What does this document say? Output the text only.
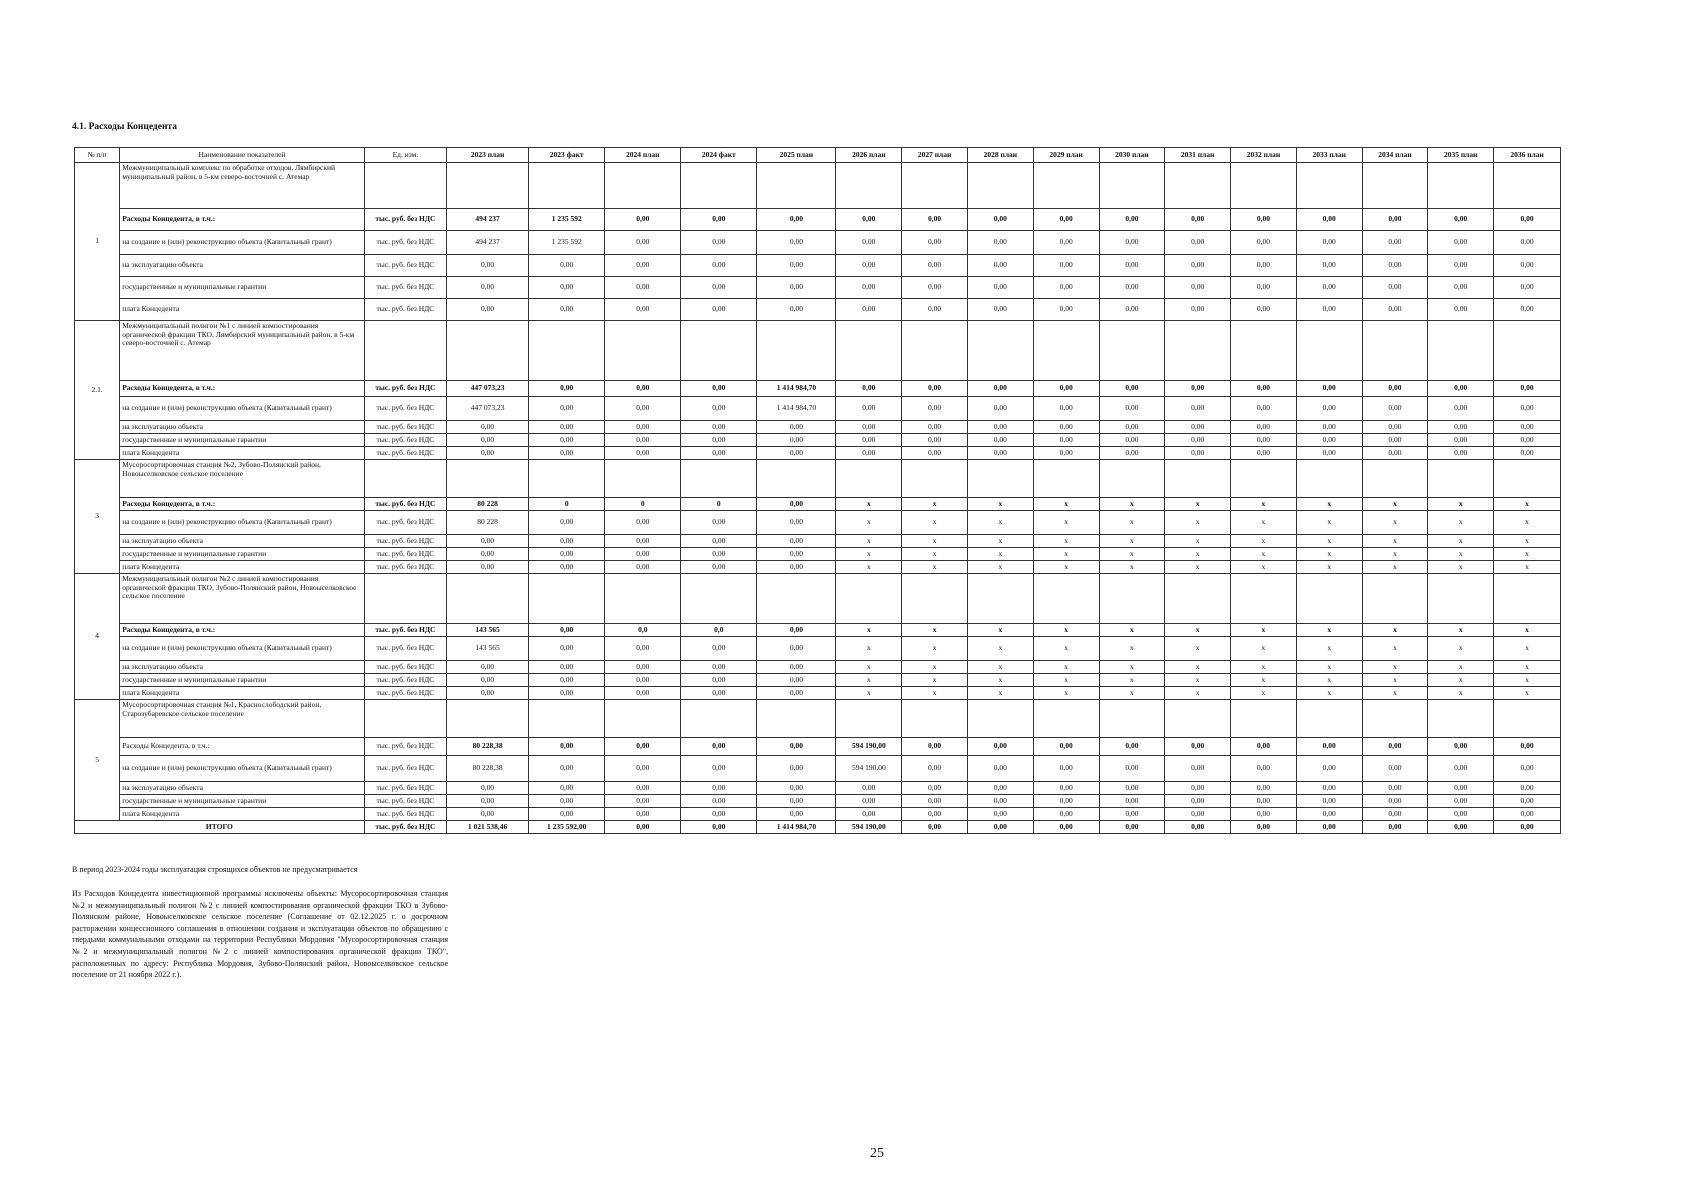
4.1. Расходы Концедента
№ п/п	Наименование показателей	Ед. изм.	2023 план	2023 факт	2024 план	2024 факт	2025 план	2026 план	2027 план	2028 план	2029 план	2030 план	2031 план	2032 план	2033 план	2034 план	2035 план	2036 план
1	Межмуниципальный комплекс по обработке отходов, Лямбирский муниципальный район, в 5-км северо-восточней с. Атемар																	
	Расходы Концедента, в т.ч.:	тыс. руб. без НДС	494 237	1 235 592	0,00	0,00	0,00	0,00	0,00	0,00	0,00	0,00	0,00	0,00	0,00	0,00	0,00	0,00
	на создание и (или) реконструкцию объекта (Капитальный грант)	тыс. руб. без НДС	494 237	1 235 592	0,00	0,00	0,00	0,00	0,00	0,00	0,00	0,00	0,00	0,00	0,00	0,00	0,00	0,00
	на эксплуатацию объекта	тыс. руб. без НДС	0,00	0,00	0,00	0,00	0,00	0,00	0,00	0,00	0,00	0,00	0,00	0,00	0,00	0,00	0,00	0,00
	государственные и муниципальные гарантии	тыс. руб. без НДС	0,00	0,00	0,00	0,00	0,00	0,00	0,00	0,00	0,00	0,00	0,00	0,00	0,00	0,00	0,00	0,00
	плата Концедента	тыс. руб. без НДС	0,00	0,00	0,00	0,00	0,00	0,00	0,00	0,00	0,00	0,00	0,00	0,00	0,00	0,00	0,00	0,00
2.1.	Межмуниципальный полигон №1 с линией компостирования органической фракции ТКО, Лямбирский муниципальный район, в 5-км северо-восточней с. Атемар																	
	Расходы Концедента, в т.ч.:	тыс. руб. без НДС	447 073,23	0,00	0,00	0,00	1 414 984,70	0,00	0,00	0,00	0,00	0,00	0,00	0,00	0,00	0,00	0,00	0,00
	на создание и (или) реконструкцию объекта (Капитальный грант)	тыс. руб. без НДС	447 073,23	0,00	0,00	0,00	1 414 984,70	0,00	0,00	0,00	0,00	0,00	0,00	0,00	0,00	0,00	0,00	0,00
	на эксплуатацию объекта	тыс. руб. без НДС	0,00	0,00	0,00	0,00	0,00	0,00	0,00	0,00	0,00	0,00	0,00	0,00	0,00	0,00	0,00	0,00
	государственные и муниципальные гарантии	тыс. руб. без НДС	0,00	0,00	0,00	0,00	0,00	0,00	0,00	0,00	0,00	0,00	0,00	0,00	0,00	0,00	0,00	0,00
	плата Концедента	тыс. руб. без НДС	0,00	0,00	0,00	0,00	0,00	0,00	0,00	0,00	0,00	0,00	0,00	0,00	0,00	0,00	0,00	0,00
3	Мусоросортировочная станция №2, Зубово-Полянский район, Новоыселковское сельское поселение																	
	Расходы Концедента, в т.ч.:	тыс. руб. без НДС	80 228	0	0	0	0,00	x	x	x	x	x	x	x	x	x	x	x
	на создание и (или) реконструкцию объекта (Капитальный грант)	тыс. руб. без НДС	80 228	0,00	0,00	0,00	0,00	x	x	x	x	x	x	x	x	x	x	x
	на эксплуатацию объекта	тыс. руб. без НДС	0,00	0,00	0,00	0,00	0,00	x	x	x	x	x	x	x	x	x	x	x
	государственные и муниципальные гарантии	тыс. руб. без НДС	0,00	0,00	0,00	0,00	0,00	x	x	x	x	x	x	x	x	x	x	x
	плата Концедента	тыс. руб. без НДС	0,00	0,00	0,00	0,00	0,00	x	x	x	x	x	x	x	x	x	x	x
4	Межмуниципальный полигон №2 с линией компостирования органической фракции ТКО, Зубово-Полянский район, Новоыселковское сельское поселение																	
	Расходы Концедента, в т.ч.:	тыс. руб. без НДС	143 565	0,00	0,0	0,0	0,00	x	x	x	x	x	x	x	x	x	x	x
	на создание и (или) реконструкцию объекта (Капитальный грант)	тыс. руб. без НДС	143 565	0,00	0,00	0,00	0,00	x	x	x	x	x	x	x	x	x	x	x
	на эксплуатацию объекта	тыс. руб. без НДС	0,00	0,00	0,00	0,00	0,00	x	x	x	x	x	x	x	x	x	x	x
	государственные и муниципальные гарантии	тыс. руб. без НДС	0,00	0,00	0,00	0,00	0,00	x	x	x	x	x	x	x	x	x	x	x
	плата Концедента	тыс. руб. без НДС	0,00	0,00	0,00	0,00	0,00	x	x	x	x	x	x	x	x	x	x	x
5	Мусоросортировочная станция №1, Краснослободский район, Старозубаревское сельское поселение																	
	Расходы Концедента, в т.ч.:	тыс. руб. без НДС	80 228,38	0,00	0,00	0,00	0,00	594 190,00	0,00	0,00	0,00	0,00	0,00	0,00	0,00	0,00	0,00	0,00
	на создание и (или) реконструкцию объекта (Капитальный грант)	тыс. руб. без НДС	80 228,38	0,00	0,00	0,00	0,00	594 190,00	0,00	0,00	0,00	0,00	0,00	0,00	0,00	0,00	0,00	0,00
	на эксплуатацию объекта	тыс. руб. без НДС	0,00	0,00	0,00	0,00	0,00	0,00	0,00	0,00	0,00	0,00	0,00	0,00	0,00	0,00	0,00	0,00
	государственные и муниципальные гарантии	тыс. руб. без НДС	0,00	0,00	0,00	0,00	0,00	0,00	0,00	0,00	0,00	0,00	0,00	0,00	0,00	0,00	0,00	0,00
	плата Концедента	тыс. руб. без НДС	0,00	0,00	0,00	0,00	0,00	0,00	0,00	0,00	0,00	0,00	0,00	0,00	0,00	0,00	0,00	0,00
ИТОГО		тыс. руб. без НДС	1 021 538,46	1 235 592,00	0,00	0,00	1 414 984,70	594 190,00	0,00	0,00	0,00	0,00	0,00	0,00	0,00	0,00	0,00	0,00
В период 2023-2024 годы эксплуатация строящихся объектов не предусматривается
Из Расходов Концедента инвестиционной программы исключены объекты: Мусоросортировочная станция №2 и межмуниципальный полигон №2 с линией компостирования органической фракции ТКО в Зубово-Полянском районе, Новоыселковское сельское поселение (Соглашение от 02.12.2025 г. о досрочном расторжении концессионного соглашения в отношении создания и эксплуатации объектов по обращению с твердыми коммунальными отходами на территории Республики Мордовия "Мусоросортировочная станция №2 и межмуниципальный полигон №2 с линией компостирования органической фракции ТКО", расположенных по адресу: Республика Мордовия, Зубово-Полянский район, Новоыселковское сельское поселение от 21 ноября 2022 г.).
25
